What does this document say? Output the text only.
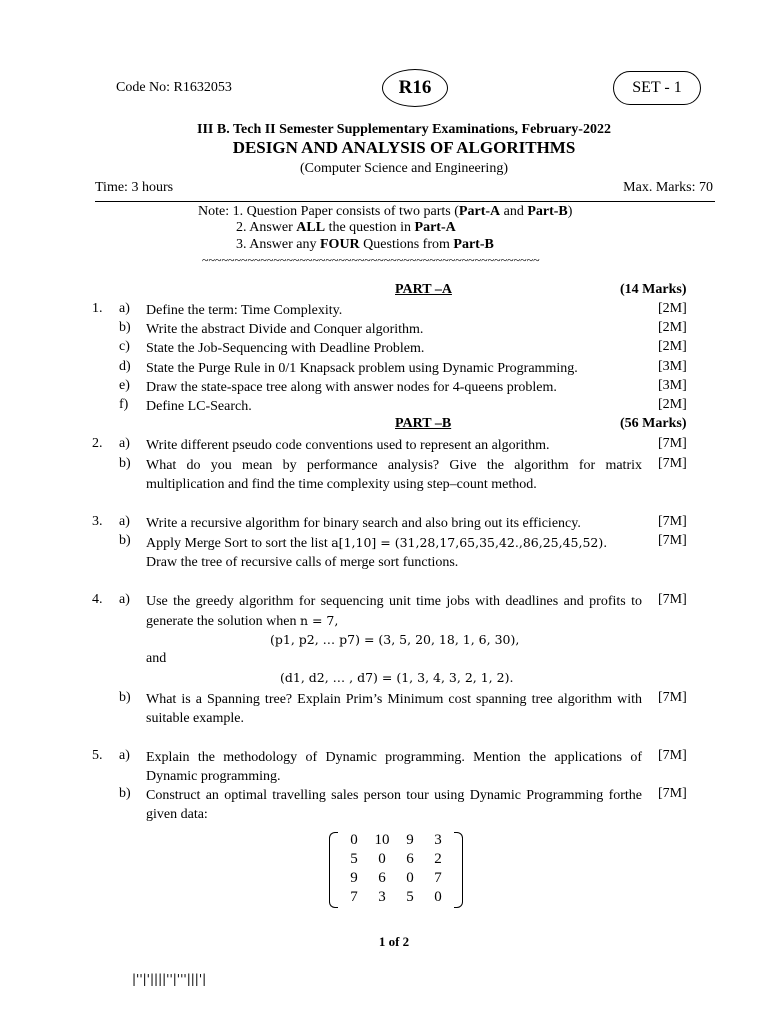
Code No: R1632053	R16	SET - 1
III B. Tech II Semester Supplementary Examinations, February-2022
DESIGN AND ANALYSIS OF ALGORITHMS
(Computer Science and Engineering)
Time: 3 hours	Max. Marks: 70
Note: 1. Question Paper consists of two parts (Part-A and Part-B)
2. Answer ALL the question in Part-A
3. Answer any FOUR Questions from Part-B
~~~~~~~~~~~~~~~~~~~~~~~~~~~~~~~~~~~~~~~~~~~~~~~~~~~~
PART –A	(14 Marks)
1. a) Define the term: Time Complexity.	[2M]
b) Write the abstract Divide and Conquer algorithm.	[2M]
c) State the Job-Sequencing with Deadline Problem.	[2M]
d) State the Purge Rule in 0/1 Knapsack problem using Dynamic Programming.	[3M]
e) Draw the state-space tree along with answer nodes for 4-queens problem.	[3M]
f) Define LC-Search.	[2M]
PART –B	(56 Marks)
2. a) Write different pseudo code conventions used to represent an algorithm.	[7M]
b) What do you mean by performance analysis? Give the algorithm for matrix multiplication and find the time complexity using step–count method.
[7M]
3. a) Write a recursive algorithm for binary search and also bring out its efficiency.	[7M]
b) Apply Merge Sort to sort the list a[1,10] = (31,28,17,65,35,42.,86,25,45,52).
Draw the tree of recursive calls of merge sort functions.
[7M]
4. a) Use the greedy algorithm for sequencing unit time jobs with deadlines and profits to generate the solution when n = 7,
[7M]
(p1, p2, … p7) = (3, 5, 20, 18, 1, 6, 30),
and
(d1, d2, … , d7) = (1, 3, 4, 3, 2, 1, 2).
b) What is a Spanning tree? Explain Prim’s Minimum cost spanning tree algorithm with suitable example.
[7M]
5. a) Explain the methodology of Dynamic programming. Mention the applications of Dynamic programming.
[7M]
b) Construct an optimal travelling sales person tour using Dynamic Programming forthe given data:
[7M]
0	10	9	3
5	0	6	2
9	6	0	7
7	3	5	0
1 of 2
|''|'||||''|'''|||'|
